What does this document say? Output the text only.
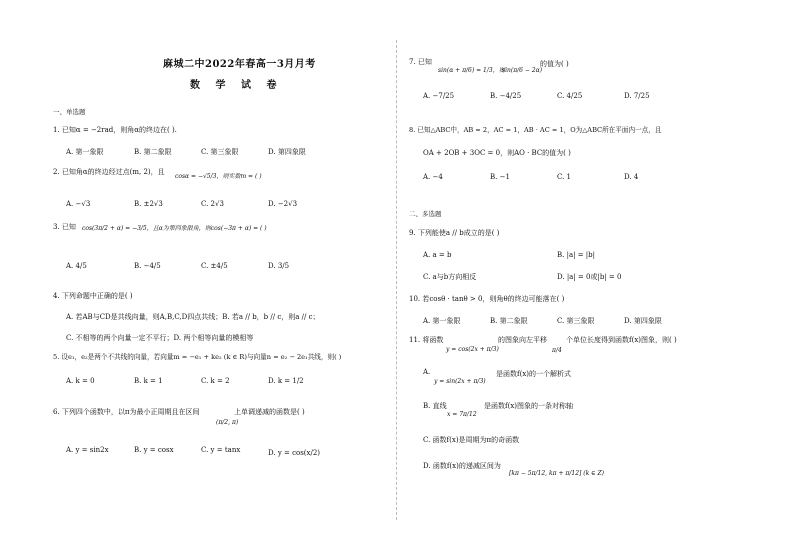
麻城二中2022年春高一3月月考
数 学 试 卷
一、单选题
1. 已知α = −2rad，则角α的终边在( ).
A. 第一象限	B. 第二象限	C. 第三象限	D. 第四象限
2. 已知角α的终边经过点(m, 2)，且
cosα = −√5/3，则实数m = ( )
A. −√3	B. ±2√3	C. 2√3	D. −2√3
3. 已知 cos(3π/2 + α) = −3/5，且α为第四象限角，则cos(−3π + α) = ( )
A. 4/5	B. −4/5	C. ±4/5	D. 3/5
4. 下列命题中正确的是( )
A. 若AB与CD是共线向量，则A,B,C,D四点共线；B. 若a // b，b // c，则a // c；
C. 不相等的两个向量一定不平行；D. 两个相等向量的模相等
5. 设e₁，e₂是两个不共线的向量，若向量m = −e₁ + ke₂ (k ∈ R)与向量n = e₂ − 2e₁共线，则( )
A. k = 0	B. k = 1	C. k = 2	D. k = 1/2
6. 下列四个函数中，以π为最小正周期且在区间
(π/2, π)
上单调递减的函数是( )
A. y = sin2x	B. y = cosx	C. y = tanx	D. y = cos(x/2)
7. 已知
sin(α + π/6) = 1/3，则
sin(π/6 − 2α)
的值为( )
A. −7/25	B. −4/25	C. 4/25	D. 7/25
8. 已知△ABC中，AB = 2，AC = 1，AB · AC = 1，O为△ABC所在平面内一点，且
OA + 2OB + 3OC = 0，则AO · BC的值为( )
A. −4	B. −1	C. 1	D. 4
二、多选题
9. 下列能使a // b成立的是( )
A. a = b	B. |a| = |b|
C. a与b方向相反	D. |a| = 0或|b| = 0
10. 若cosθ · tanθ > 0，则角θ的终边可能落在( )
A. 第一象限	B. 第二象限	C. 第三象限	D. 第四象限
11. 将函数
y = cos(2x + π/3)
的图象向左平移
π/4
个单位长度得到函数f(x)图象，则( )
A.
y = sin(2x + π/3)
是函数f(x)的一个解析式
B. 直线
x = 7π/12
是函数f(x)图象的一条对称轴
C. 函数f(x)是周期为π的奇函数
D. 函数f(x)的递减区间为
[kπ − 5π/12, kπ + π/12] (k ∈ Z)
